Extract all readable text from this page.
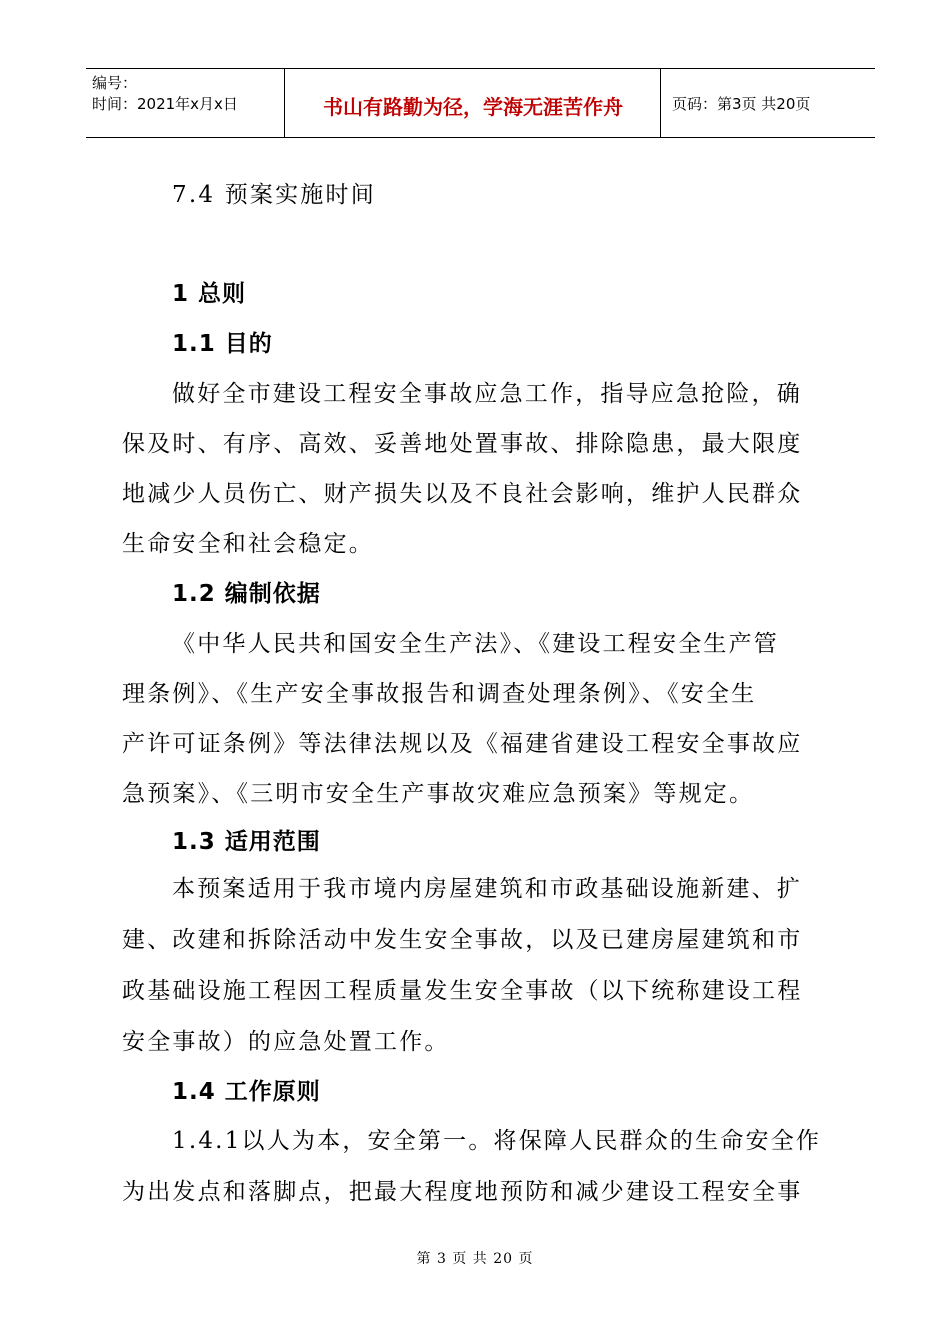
编号：
时间：2021年x月x日	书山有路勤为径，学海无涯苦作舟	页码：第3页 共20页
7.4 预案实施时间
1 总则
1.1 目的
做好全市建设工程安全事故应急工作，指导应急抢险，确
保及时、有序、高效、妥善地处置事故、排除隐患，最大限度
地减少人员伤亡、财产损失以及不良社会影响，维护人民群众
生命安全和社会稳定。
1.2 编制依据
《中华人民共和国安全生产法》、《建设工程安全生产管
理条例》、《生产安全事故报告和调查处理条例》、《安全生
产许可证条例》等法律法规以及《福建省建设工程安全事故应
急预案》、《三明市安全生产事故灾难应急预案》等规定。
1.3 适用范围
本预案适用于我市境内房屋建筑和市政基础设施新建、扩
建、改建和拆除活动中发生安全事故，以及已建房屋建筑和市
政基础设施工程因工程质量发生安全事故（以下统称建设工程
安全事故）的应急处置工作。
1.4 工作原则
1.4.1以人为本，安全第一。将保障人民群众的生命安全作
为出发点和落脚点，把最大程度地预防和减少建设工程安全事
第 3 页 共 20 页
